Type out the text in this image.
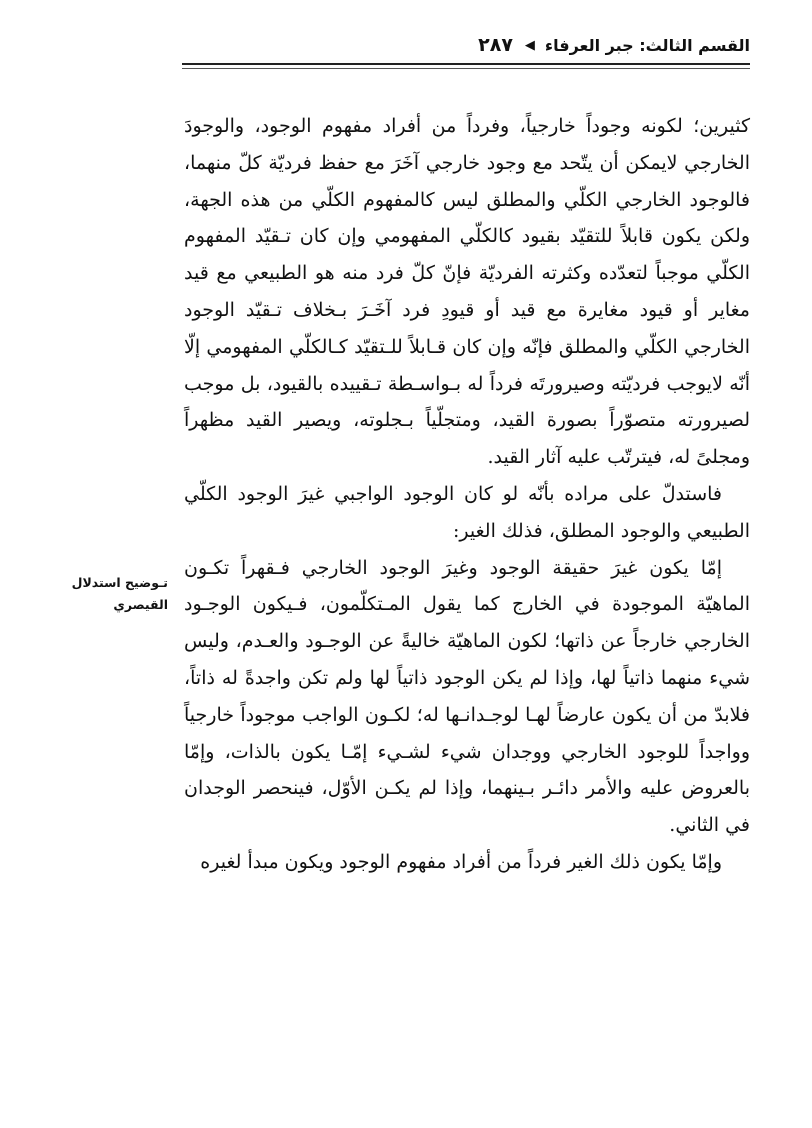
القسم الثالث: جبر العرفاء
◀
٢٨٧

كثيرين؛ لكونه وجوداً خارجياً، وفرداً من أفراد مفهوم الوجود، والوجودَ الخارجي لايمكن أن يتّحد مع وجود خارجي آخَرَ مع حفظ فرديّة كلّ منهما، فالوجود الخارجي الكلّي والمطلق ليس كالمفهوم الكلّي من هذه الجهة، ولكن يكون قابلاً للتقيّد بقيود كالكلّي المفهومي وإن كان تـقيّد المفهوم الكلّي موجباً لتعدّده وكثرته الفرديّة فإنّ كلّ فرد منه هو الطبيعي مع قيد مغاير أو قيود مغايرة مع قيد أو قيودِ فرد آخَـرَ بـخلاف تـقيّد الوجود الخارجي الكلّي والمطلق فإنّه وإن كان قـابلاً للـتقيّد كـالكلّي المفهومي إلّا أنّه لايوجب فرديّته وصيرورتَه فرداً له بـواسـطة تـقييده بالقيود، بل موجب لصيرورته متصوّراً بصورة القيد، ومتجلّياً بـجلوته، ويصير القيد مظهراً ومجلىً له، فيترتّب عليه آثار القيد.

فاستدلّ على مراده بأنّه لو كان الوجود الواجبي غيرَ الوجود الكلّي الطبيعي والوجود المطلق، فذلك الغير:

إمّا يكون غيرَ حقيقة الوجود وغيرَ الوجود الخارجي فـقهراً تكـون الماهيّة الموجودة في الخارج كما يقول المـتكلّمون، فـيكون الوجـود الخارجي خارجاً عن ذاتها؛ لكون الماهيّة خاليةً عن الوجـود والعـدم، وليس شيء منهما ذاتياً لها، وإذا لم يكن الوجود ذاتياً لها ولم تكن واجدةً له ذاتاً، فلابدّ من أن يكون عارضاً لهـا لوجـدانـها له؛ لكـون الواجب موجوداً خارجياً وواجداً للوجود الخارجي ووجدان شيء لشـيء إمّـا يكون بالذات، وإمّا بالعروض عليه والأمر دائـر بـينهما، وإذا لم يكـن الأوّل، فينحصر الوجدان في الثاني.

وإمّا يكون ذلك الغير فرداً من أفراد مفهوم الوجود ويكون مبدأ لغيره

تـوضيح استدلال القيصري
